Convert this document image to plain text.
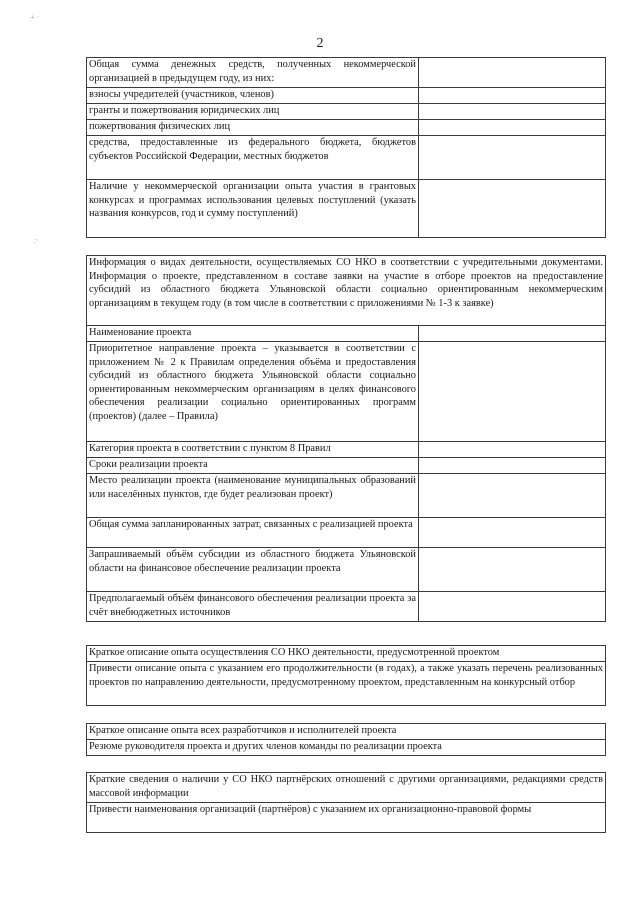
+ ·
:·
2
Общая сумма денежных средств, полученных некоммерческой организацией в предыдущем году, из них:	
взносы учредителей (участников, членов)	
гранты и пожертвования юридических лиц	
пожертвования физических лиц	
средства, предоставленные из федерального бюджета, бюджетов субъектов Российской Федерации, местных бюджетов	
Наличие у некоммерческой организации опыта участия в грантовых конкурсах и программах использования целевых поступлений (указать названия конкурсов, год и сумму поступлений)	
Информация о видах деятельности, осуществляемых СО НКО в соответствии с учредительными документами. Информация о проекте, представленном в составе заявки на участие в отборе проектов на предоставление субсидий из областного бюджета Ульяновской области социально ориентированным некоммерческим организациям в текущем году (в том числе в соответствии с приложениями № 1-3 к заявке)	
Наименование проекта	
Приоритетное направление проекта – указывается в соответствии с приложением № 2 к Правилам определения объёма и предоставления субсидий из областного бюджета Ульяновской области социально ориентированным некоммерческим организациям в целях финансового обеспечения реализации социально ориентированных программ (проектов) (далее – Правила)	
Категория проекта в соответствии с пунктом 8 Правил	
Сроки реализации проекта	
Место реализации проекта (наименование муниципальных образований или населённых пунктов, где будет реализован проект)	
Общая сумма запланированных затрат, связанных с реализацией проекта	
Запрашиваемый объём субсидии из областного бюджета Ульяновской области на финансовое обеспечение реализации проекта	
Предполагаемый объём финансового обеспечения реализации проекта за счёт внебюджетных источников	
Краткое описание опыта осуществления СО НКО деятельности, предусмотренной проектом
Привести описание опыта с указанием его продолжительности (в годах), а также указать перечень реализованных проектов по направлению деятельности, предусмотренному проектом, представленным на конкурсный отбор
Краткое описание опыта всех разработчиков и исполнителей проекта
Резюме руководителя проекта и других членов команды по реализации проекта
Краткие сведения о наличии у СО НКО партнёрских отношений с другими организациями, редакциями средств массовой информации
Привести наименования организаций (партнёров) с указанием их организационно-правовой формы
